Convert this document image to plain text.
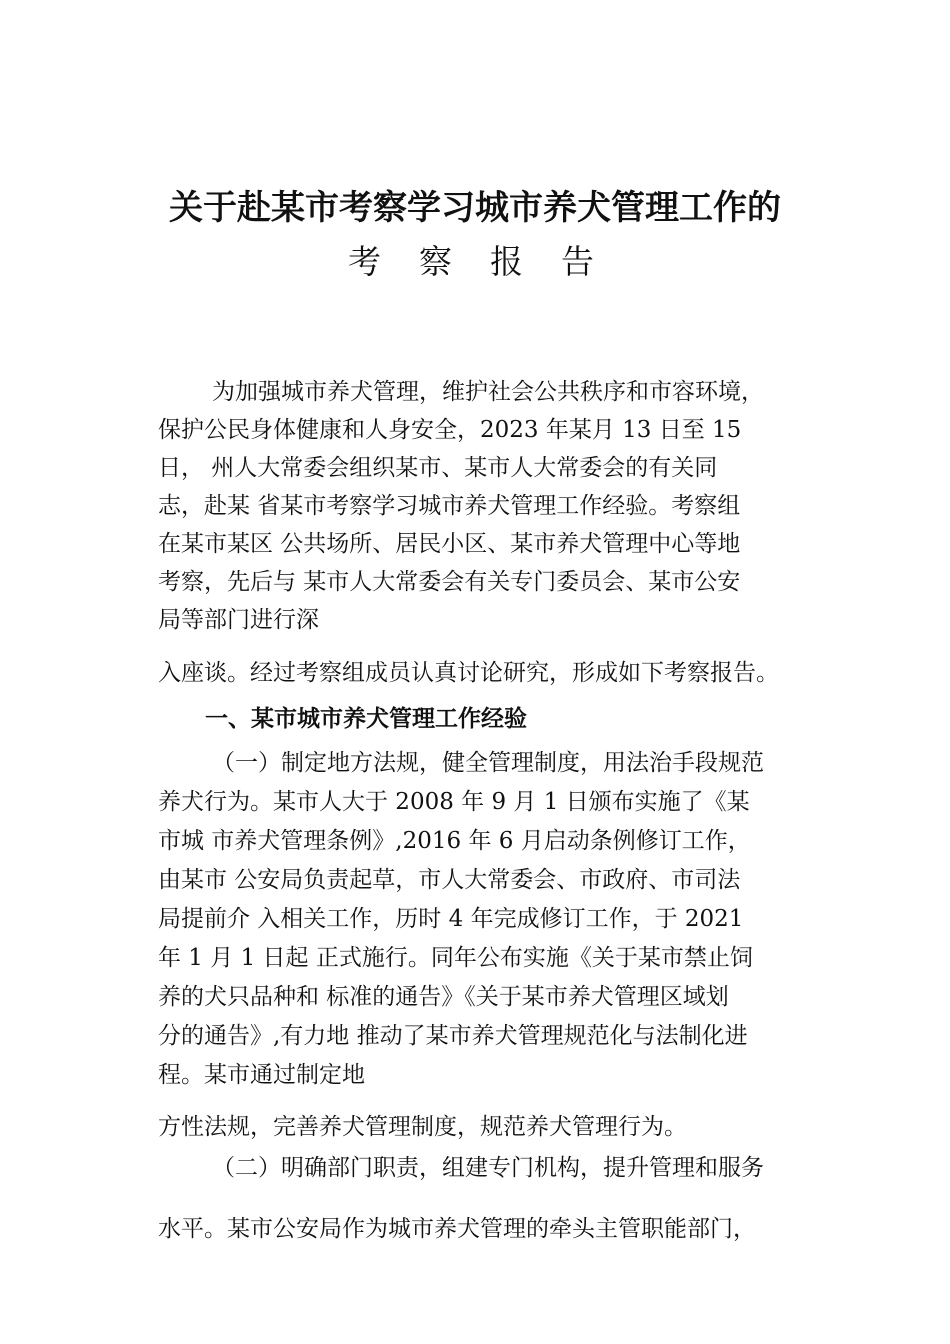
关于赴某市考察学习城市养犬管理工作的
考察报告
为加强城市养犬管理，维护社会公共秩序和市容环境，
保护公民身体健康和人身安全，2023 年某月 13 日至 15
日， 州人大常委会组织某市、某市人大常委会的有关同
志，赴某 省某市考察学习城市养犬管理工作经验。考察组
在某市某区 公共场所、居民小区、某市养犬管理中心等地
考察，先后与 某市人大常委会有关专门委员会、某市公安
局等部门进行深
入座谈。经过考察组成员认真讨论研究，形成如下考察报告。
一、某市城市养犬管理工作经验
（一）制定地方法规，健全管理制度，用法治手段规范
养犬行为。某市人大于 2008 年 9 月 1 日颁布实施了《某
市城 市养犬管理条例》,2016 年 6 月启动条例修订工作，
由某市 公安局负责起草，市人大常委会、市政府、市司法
局提前介 入相关工作，历时 4 年完成修订工作，于 2021
年 1 月 1 日起 正式施行。同年公布实施《关于某市禁止饲
养的犬只品种和 标准的通告》《关于某市养犬管理区域划
分的通告》,有力地 推动了某市养犬管理规范化与法制化进
程。某市通过制定地
方性法规，完善养犬管理制度，规范养犬管理行为。
（二）明确部门职责，组建专门机构，提升管理和服务
水平。某市公安局作为城市养犬管理的牵头主管职能部门，
